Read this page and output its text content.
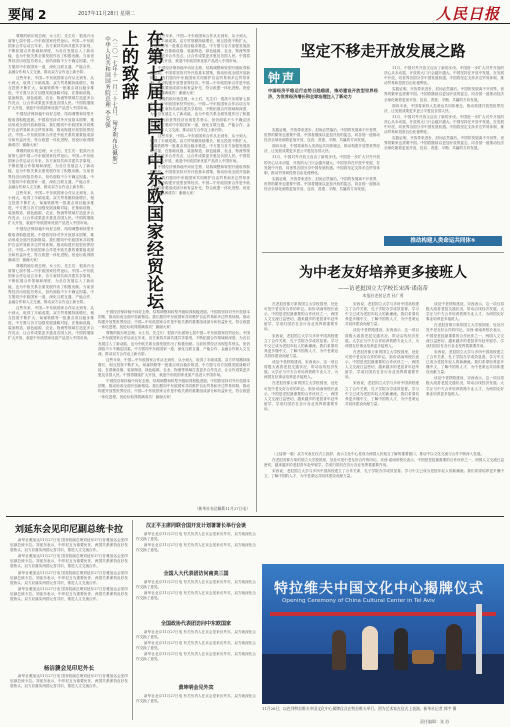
要闻 2	2017年11月28日 星期二	人民日报

尊敬的欧尔班总理，女士们，先生们：很高兴出席第七届中国—中东欧国家经贸论坛。中国—中东欧国家合作启动五年来，各方秉持共商共建共享原则，不断拓展合作领域和深度，为各自发展注入了新动能，也为中欧关系全面发展作出了积极贡献。当前世界经济出现复苏势头，但仍面临不少不确定因素。中方愿同中东欧国家一道，深化互联互通、产能合作、金融合作和人文交流，推动双方合作迈上新台阶。

这些年来，中国—中东欧国家合作从无到有、从小到大，取得了丰硕成果。双方贸易额持续增长，相互投资不断扩大，匈塞铁路等一批重点项目稳步推进。中方愿与各方加强发展战略对接，在基础设施、装备制造、绿色能源、农业、物流等领域打造更多合作亮点，让合作成果更多惠及各国人民。中国将继续扩大开放，欢迎中东欧国家优质产品进入中国市场。

中国经济保持稳中向好态势，结构调整和转型升级取得积极进展。中国将坚持对外开放基本国策，推动形成全面开放新格局。我们愿同中东欧国家共同维护自由贸易和多边贸易体制，推动构建开放型世界经济。中国—中东欧国家合作是中欧关系的重要组成部分和有益补充，符合欧盟一体化进程。祝论坛取得圆满成功！谢谢大家！

尊敬的欧尔班总理，女士们，先生们：很高兴出席第七届中国—中东欧国家经贸论坛。中国—中东欧国家合作启动五年来，各方秉持共商共建共享原则，不断拓展合作领域和深度，为各自发展注入了新动能，也为中欧关系全面发展作出了积极贡献。当前世界经济出现复苏势头，但仍面临不少不确定因素。中方愿同中东欧国家一道，深化互联互通、产能合作、金融合作和人文交流，推动双方合作迈上新台阶。

这些年来，中国—中东欧国家合作从无到有、从小到大，取得了丰硕成果。双方贸易额持续增长，相互投资不断扩大，匈塞铁路等一批重点项目稳步推进。中方愿与各方加强发展战略对接，在基础设施、装备制造、绿色能源、农业、物流等领域打造更多合作亮点，让合作成果更多惠及各国人民。中国将继续扩大开放，欢迎中东欧国家优质产品进入中国市场。

中国经济保持稳中向好态势，结构调整和转型升级取得积极进展。中国将坚持对外开放基本国策，推动形成全面开放新格局。我们愿同中东欧国家共同维护自由贸易和多边贸易体制，推动构建开放型世界经济。中国—中东欧国家合作是中欧关系的重要组成部分和有益补充，符合欧盟一体化进程。祝论坛取得圆满成功！谢谢大家！

尊敬的欧尔班总理，女士们，先生们：很高兴出席第七届中国—中东欧国家经贸论坛。中国—中东欧国家合作启动五年来，各方秉持共商共建共享原则，不断拓展合作领域和深度，为各自发展注入了新动能，也为中欧关系全面发展作出了积极贡献。当前世界经济出现复苏势头，但仍面临不少不确定因素。中方愿同中东欧国家一道，深化互联互通、产能合作、金融合作和人文交流，推动双方合作迈上新台阶。

这些年来，中国—中东欧国家合作从无到有、从小到大，取得了丰硕成果。双方贸易额持续增长，相互投资不断扩大，匈塞铁路等一批重点项目稳步推进。中方愿与各方加强发展战略对接，在基础设施、装备制造、绿色能源、农业、物流等领域打造更多合作亮点，让合作成果更多惠及各国人民。中国将继续扩大开放，欢迎中东欧国家优质产品进入中国市场。

在第七届中国—中东欧国家经贸论坛上的致辞
（二〇一七年十一月二十七日，匈牙利布达佩斯）
中华人民共和国国务院总理 李克强	这些年来，中国—中东欧国家合作从无到有、从小到大，取得了丰硕成果。双方贸易额持续增长，相互投资不断扩大，匈塞铁路等一批重点项目稳步推进。中方愿与各方加强发展战略对接，在基础设施、装备制造、绿色能源、农业、物流等领域打造更多合作亮点，让合作成果更多惠及各国人民。中国将继续扩大开放，欢迎中东欧国家优质产品进入中国市场。

中国经济保持稳中向好态势，结构调整和转型升级取得积极进展。中国将坚持对外开放基本国策，推动形成全面开放新格局。我们愿同中东欧国家共同维护自由贸易和多边贸易体制，推动构建开放型世界经济。中国—中东欧国家合作是中欧关系的重要组成部分和有益补充，符合欧盟一体化进程。祝论坛取得圆满成功！谢谢大家！

尊敬的欧尔班总理，女士们，先生们：很高兴出席第七届中国—中东欧国家经贸论坛。中国—中东欧国家合作启动五年来，各方秉持共商共建共享原则，不断拓展合作领域和深度，为各自发展注入了新动能，也为中欧关系全面发展作出了积极贡献。当前世界经济出现复苏势头，但仍面临不少不确定因素。中方愿同中东欧国家一道，深化互联互通、产能合作、金融合作和人文交流，推动双方合作迈上新台阶。

这些年来，中国—中东欧国家合作从无到有、从小到大，取得了丰硕成果。双方贸易额持续增长，相互投资不断扩大，匈塞铁路等一批重点项目稳步推进。中方愿与各方加强发展战略对接，在基础设施、装备制造、绿色能源、农业、物流等领域打造更多合作亮点，让合作成果更多惠及各国人民。中国将继续扩大开放，欢迎中东欧国家优质产品进入中国市场。

中国经济保持稳中向好态势，结构调整和转型升级取得积极进展。中国将坚持对外开放基本国策，推动形成全面开放新格局。我们愿同中东欧国家共同维护自由贸易和多边贸易体制，推动构建开放型世界经济。中国—中东欧国家合作是中欧关系的重要组成部分和有益补充，符合欧盟一体化进程。祝论坛取得圆满成功！谢谢大家！

中国经济保持稳中向好态势，结构调整和转型升级取得积极进展。中国将坚持对外开放基本国策，推动形成全面开放新格局。我们愿同中东欧国家共同维护自由贸易和多边贸易体制，推动构建开放型世界经济。中国—中东欧国家合作是中欧关系的重要组成部分和有益补充，符合欧盟一体化进程。祝论坛取得圆满成功！谢谢大家！

尊敬的欧尔班总理，女士们，先生们：很高兴出席第七届中国—中东欧国家经贸论坛。中国—中东欧国家合作启动五年来，各方秉持共商共建共享原则，不断拓展合作领域和深度，为各自发展注入了新动能，也为中欧关系全面发展作出了积极贡献。当前世界经济出现复苏势头，但仍面临不少不确定因素。中方愿同中东欧国家一道，深化互联互通、产能合作、金融合作和人文交流，推动双方合作迈上新台阶。

这些年来，中国—中东欧国家合作从无到有、从小到大，取得了丰硕成果。双方贸易额持续增长，相互投资不断扩大，匈塞铁路等一批重点项目稳步推进。中方愿与各方加强发展战略对接，在基础设施、装备制造、绿色能源、农业、物流等领域打造更多合作亮点，让合作成果更多惠及各国人民。中国将继续扩大开放，欢迎中东欧国家优质产品进入中国市场。

中国经济保持稳中向好态势，结构调整和转型升级取得积极进展。中国将坚持对外开放基本国策，推动形成全面开放新格局。我们愿同中东欧国家共同维护自由贸易和多边贸易体制，推动构建开放型世界经济。中国—中东欧国家合作是中欧关系的重要组成部分和有益补充，符合欧盟一体化进程。祝论坛取得圆满成功！谢谢大家！

（新华社布达佩斯11月27日电）
坚定不移走开放发展之路
钟声
中国经济平稳运行态势日趋稳固，推动建设开放型世界经济，为世界经济增长和全球治理注入了新动力

11月，中国对外开放又迈出了新的步伐。中国进一步扩大对外开放的决心从未动摇，开放的大门只会越开越大。中国坚持在开放中发展，在发展中开放，同世界各国分享中国发展机遇。中国将坚定支持多边贸易体制，推动贸易和投资自由化便利化。

实践证明，开放带来进步，封闭必然落后。中国的发展离不开世界，世界的繁荣也需要中国。中国将继续以更加开放的姿态，同各国一道推动经济全球化朝着更加开放、包容、普惠、平衡、共赢的方向发展。

面向未来，中国将秉持人类命运共同体理念，推动构建开放型世界经济，让发展成果更多更公平惠及各国人民。

11月，中国对外开放又迈出了新的步伐。中国进一步扩大对外开放的决心从未动摇，开放的大门只会越开越大。中国坚持在开放中发展，在发展中开放，同世界各国分享中国发展机遇。中国将坚定支持多边贸易体制，推动贸易和投资自由化便利化。

实践证明，开放带来进步，封闭必然落后。中国的发展离不开世界，世界的繁荣也需要中国。中国将继续以更加开放的姿态，同各国一道推动经济全球化朝着更加开放、包容、普惠、平衡、共赢的方向发展。

实践证明，开放带来进步，封闭必然落后。中国的发展离不开世界，世界的繁荣也需要中国。中国将继续以更加开放的姿态，同各国一道推动经济全球化朝着更加开放、包容、普惠、平衡、共赢的方向发展。

面向未来，中国将秉持人类命运共同体理念，推动构建开放型世界经济，让发展成果更多更公平惠及各国人民。

11月，中国对外开放又迈出了新的步伐。中国进一步扩大对外开放的决心从未动摇，开放的大门只会越开越大。中国坚持在开放中发展，在发展中开放，同世界各国分享中国发展机遇。中国将坚定支持多边贸易体制，推动贸易和投资自由化便利化。

实践证明，开放带来进步，封闭必然落后。中国的发展离不开世界，世界的繁荣也需要中国。中国将继续以更加开放的姿态，同各国一道推动经济全球化朝着更加开放、包容、普惠、平衡、共赢的方向发展。

推动构建人类命运共同体⑤
为中老友好培养更多接班人
——访老挝国立大学校长宋西·诺南蒂
本报驻老挝记者 孙广勇

在老挝首都万象的国立大学校园里，处处可见中老友好合作的印记。宋西·诺南蒂校长表示，中国是老挝最重要的合作伙伴之一，两国人文交流日益密切，越来越多的老挝青年赴华留学，学成归国后在各行各业发挥着重要作用。

宋西说，老挝国立大学与多所中国高校建立了合作关系，孔子学院办学成效显著。学习中文已成为老挝年轻人的新潮流。我们希望培养更多懂中文、了解中国的人才，为中老命运共同体建设贡献力量。

谈及中老铁路建设，宋西表示，这一项目将极大改善老挝交通状况，带动沿线经济发展。大学正与中方合作培养铁路专业人才，为两国友好事业培养更多接班人。

在老挝首都万象的国立大学校园里，处处可见中老友好合作的印记。宋西·诺南蒂校长表示，中国是老挝最重要的合作伙伴之一，两国人文交流日益密切，越来越多的老挝青年赴华留学，学成归国后在各行各业发挥着重要作用。

宋西说，老挝国立大学与多所中国高校建立了合作关系，孔子学院办学成效显著。学习中文已成为老挝年轻人的新潮流。我们希望培养更多懂中文、了解中国的人才，为中老命运共同体建设贡献力量。

谈及中老铁路建设，宋西表示，这一项目将极大改善老挝交通状况，带动沿线经济发展。大学正与中方合作培养铁路专业人才，为两国友好事业培养更多接班人。

在老挝首都万象的国立大学校园里，处处可见中老友好合作的印记。宋西·诺南蒂校长表示，中国是老挝最重要的合作伙伴之一，两国人文交流日益密切，越来越多的老挝青年赴华留学，学成归国后在各行各业发挥着重要作用。

宋西说，老挝国立大学与多所中国高校建立了合作关系，孔子学院办学成效显著。学习中文已成为老挝年轻人的新潮流。我们希望培养更多懂中文、了解中国的人才，为中老命运共同体建设贡献力量。

谈及中老铁路建设，宋西表示，这一项目将极大改善老挝交通状况，带动沿线经济发展。大学正与中方合作培养铁路专业人才，为两国友好事业培养更多接班人。

在老挝首都万象的国立大学校园里，处处可见中老友好合作的印记。宋西·诺南蒂校长表示，中国是老挝最重要的合作伙伴之一，两国人文交流日益密切，越来越多的老挝青年赴华留学，学成归国后在各行各业发挥着重要作用。

宋西说，老挝国立大学与多所中国高校建立了合作关系，孔子学院办学成效显著。学习中文已成为老挝年轻人的新潮流。我们希望培养更多懂中文、了解中国的人才，为中老命运共同体建设贡献力量。

谈及中老铁路建设，宋西表示，这一项目将极大改善老挝交通状况，带动沿线经济发展。大学正与中方合作培养铁路专业人才，为两国友好事业培养更多接班人。

（上接第一版）双方代表在仪式上致辞，表示文化中心将成为两国人民相互了解的重要窗口，推动中以文化交流与合作不断深入发展。

在老挝首都万象的国立大学校园里，处处可见中老友好合作的印记。宋西·诺南蒂校长表示，中国是老挝最重要的合作伙伴之一，两国人文交流日益密切，越来越多的老挝青年赴华留学，学成归国后在各行各业发挥着重要作用。

宋西说，老挝国立大学与多所中国高校建立了合作关系，孔子学院办学成效显著。学习中文已成为老挝年轻人的新潮流。我们希望培养更多懂中文、了解中国的人才，为中老命运共同体建设贡献力量。

刘延东会见印尼副总统卡拉

新华社雅加达11月27日电 国务院副总理刘延东27日在雅加达会见印尼副总统卡拉。刘延东表示，中印尼互为重要伙伴，两国关系保持良好发展势头。双方应落实两国元首共识，推进人文交流合作。

新华社雅加达11月27日电 国务院副总理刘延东27日在雅加达会见印尼副总统卡拉。刘延东表示，中印尼互为重要伙伴，两国关系保持良好发展势头。双方应落实两国元首共识，推进人文交流合作。

新华社雅加达11月27日电 国务院副总理刘延东27日在雅加达会见印尼副总统卡拉。刘延东表示，中印尼互为重要伙伴，两国关系保持良好发展势头。双方应落实两国元首共识，推进人文交流合作。

新华社雅加达11月27日电 国务院副总理刘延东27日在雅加达会见印尼副总统卡拉。刘延东表示，中印尼互为重要伙伴，两国关系保持良好发展势头。双方应落实两国元首共识，推进人文交流合作。

杨洁篪会见印尼外长

新华社雅加达11月27日电 国务院副总理刘延东27日在雅加达会见印尼副总统卡拉。刘延东表示，中印尼互为重要伙伴，两国关系保持良好发展势头。双方应落实两国元首共识，推进人文交流合作。

汉正平主席同联合国开发计划署署长举行会谈

新华社北京11月27日电 有关负责人在京会见来访外宾，双方就深化合作交换了意见。

新华社北京11月27日电 有关负责人在京会见来访外宾，双方就深化合作交换了意见。

全国人大代表团访问南美三国

新华社北京11月27日电 有关负责人在京会见来访外宾，双方就深化合作交换了意见。

新华社北京11月27日电 有关负责人在京会见来访外宾，双方就深化合作交换了意见。

全国政协代表团访问中东欧国家

新华社北京11月27日电 有关负责人在京会见来访外宾，双方就深化合作交换了意见。

新华社北京11月27日电 有关负责人在京会见来访外宾，双方就深化合作交换了意见。

新华社北京11月27日电 有关负责人在京会见来访外宾，双方就深化合作交换了意见。

黄坤明会见外宾

新华社北京11月27日电 有关负责人在京会见来访外宾，双方就深化合作交换了意见。

特拉维夫中国文化中心揭牌仪式
Opening Ceremony of China Cultural Center in Tel Aviv
11月26日，以色列特拉维夫中国文化中心揭牌仪式在特拉维夫举行。图为艺术家在仪式上表演。新华社记者 郭宇 摄
责任编辑：张 苏
